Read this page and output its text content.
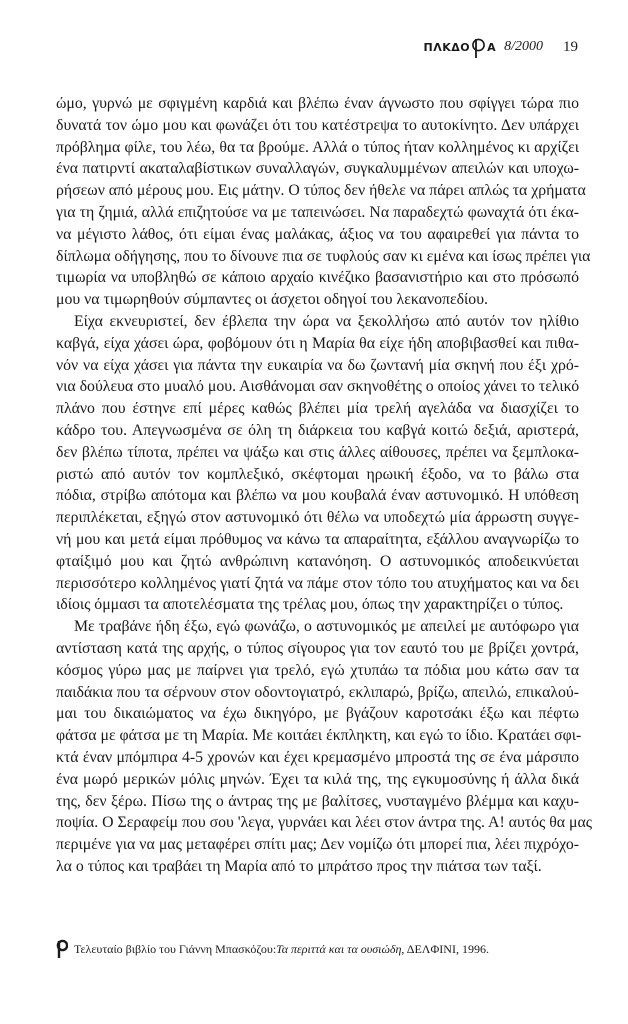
ΠΛΚΔΟ Α 8/2000 19
ώμο, γυρνώ με σφιγμένη καρδιά και βλέπω έναν άγνωστο που σφίγγει τώρα πιο
δυνατά τον ώμο μου και φωνάζει ότι του κατέστρεψα το αυτοκίνητο. Δεν υπάρχει
πρόβλημα φίλε, του λέω, θα τα βρούμε. Αλλά ο τύπος ήταν κολλημένος κι αρχίζει
ένα πατιρντί ακαταλαβίστικων συναλλαγών, συγκαλυμμένων απειλών και υποχω-
ρήσεων από μέρους μου. Εις μάτην. Ο τύπος δεν ήθελε να πάρει απλώς τα χρήματα
για τη ζημιά, αλλά επιζητούσε να με ταπεινώσει. Να παραδεχτώ φωναχτά ότι έκα-
να μέγιστο λάθος, ότι είμαι ένας μαλάκας, άξιος να του αφαιρεθεί για πάντα το
δίπλωμα οδήγησης, που το δίνουνε πια σε τυφλούς σαν κι εμένα και ίσως πρέπει για
τιμωρία να υποβληθώ σε κάποιο αρχαίο κινέζικο βασανιστήριο και στο πρόσωπό
μου να τιμωρηθούν σύμπαντες οι άσχετοι οδηγοί του λεκανοπεδίου.
Είχα εκνευριστεί, δεν έβλεπα την ώρα να ξεκολλήσω από αυτόν τον ηλίθιο
καβγά, είχα χάσει ώρα, φοβόμουν ότι η Μαρία θα είχε ήδη αποβιβασθεί και πιθα-
νόν να είχα χάσει για πάντα την ευκαιρία να δω ζωντανή μία σκηνή που έξι χρό-
νια δούλευα στο μυαλό μου. Αισθάνομαι σαν σκηνοθέτης ο οποίος χάνει το τελικό
πλάνο που έστηνε επί μέρες καθώς βλέπει μία τρελή αγελάδα να διασχίζει το
κάδρο του. Απεγνωσμένα σε όλη τη διάρκεια του καβγά κοιτώ δεξιά, αριστερά,
δεν βλέπω τίποτα, πρέπει να ψάξω και στις άλλες αίθουσες, πρέπει να ξεμπλοκα-
ριστώ από αυτόν τον κομπλεξικό, σκέφτομαι ηρωική έξοδο, να το βάλω στα
πόδια, στρίβω απότομα και βλέπω να μου κουβαλά έναν αστυνομικό. Η υπόθεση
περιπλέκεται, εξηγώ στον αστυνομικό ότι θέλω να υποδεχτώ μία άρρωστη συγγε-
νή μου και μετά είμαι πρόθυμος να κάνω τα απαραίτητα, εξάλλου αναγνωρίζω το
φταίξιμό μου και ζητώ ανθρώπινη κατανόηση. Ο αστυνομικός αποδεικνύεται
περισσότερο κολλημένος γιατί ζητά να πάμε στον τόπο του ατυχήματος και να δει
ιδίοις όμμασι τα αποτελέσματα της τρέλας μου, όπως την χαρακτηρίζει ο τύπος.
Με τραβάνε ήδη έξω, εγώ φωνάζω, ο αστυνομικός με απειλεί με αυτόφωρο για
αντίσταση κατά της αρχής, ο τύπος σίγουρος για τον εαυτό του με βρίζει χοντρά,
κόσμος γύρω μας με παίρνει για τρελό, εγώ χτυπάω τα πόδια μου κάτω σαν τα
παιδάκια που τα σέρνουν στον οδοντογιατρό, εκλιπαρώ, βρίζω, απειλώ, επικαλού-
μαι του δικαιώματος να έχω δικηγόρο, με βγάζουν καροτσάκι έξω και πέφτω
φάτσα με φάτσα με τη Μαρία. Με κοιτάει έκπληκτη, και εγώ το ίδιο. Κρατάει σφι-
κτά έναν μπόμπιρα 4-5 χρονών και έχει κρεμασμένο μπροστά της σε ένα μάρσιπο
ένα μωρό μερικών μόλις μηνών. Έχει τα κιλά της, της εγκυμοσύνης ή άλλα δικά
της, δεν ξέρω. Πίσω της ο άντρας της με βαλίτσες, νυσταγμένο βλέμμα και καχυ-
ποψία. Ο Σεραφείμ που σου 'λεγα, γυρνάει και λέει στον άντρα της. Α! αυτός θα μας
περιμένε για να μας μεταφέρει σπίτι μας; Δεν νομίζω ότι μπορεί πια, λέει πιχρόχο-
λα ο τύπος και τραβάει τη Μαρία από το μπράτσο προς την πιάτσα των ταξί.
Τελευταίο βιβλίο του Γιάννη Μπασκόζου: Τα περιττά και τα ουσιώδη , ΔΕΛΦΙΝΙ, 1996.
